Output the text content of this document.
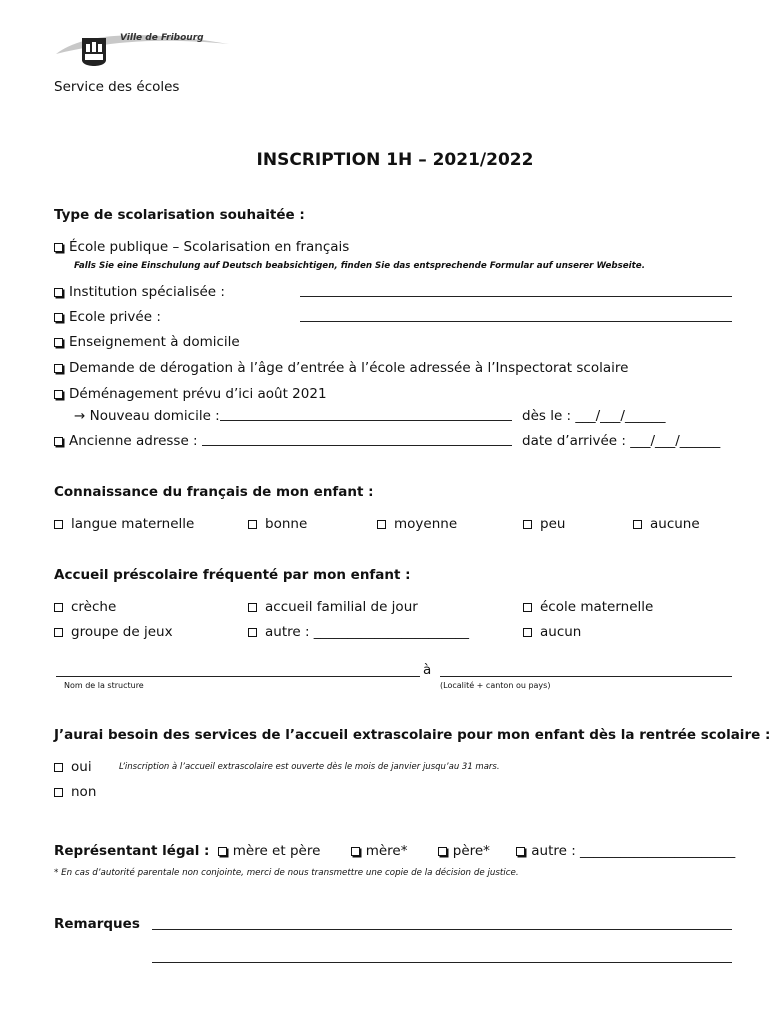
Ville de Fribourg
Service des écoles
INSCRIPTION 1H – 2021/2022
Type de scolarisation souhaitée :
École publique – Scolarisation en français
Falls Sie eine Einschulung auf Deutsch beabsichtigen, finden Sie das entsprechende Formular auf unserer Webseite.
Institution spécialisée :
Ecole privée :
Enseignement à domicile
Demande de dérogation à l’âge d’entrée à l’école adressée à l’Inspectorat scolaire
Déménagement prévu d’ici août 2021
→ Nouveau domicile :	dès le : ___/___/______
Ancienne adresse :	date d’arrivée : ___/___/______
Connaissance du français de mon enfant :
langue maternelle	bonne	moyenne	peu	aucune
Accueil préscolaire fréquenté par mon enfant :
crèche	accueil familial de jour	école maternelle
groupe de jeux	autre : _______________________	aucun
à
Nom de la structure	(Localité + canton ou pays)
J’aurai besoin des services de l’accueil extrascolaire pour mon enfant dès la rentrée scolaire :
oui	L’inscription à l’accueil extrascolaire est ouverte dès le mois de janvier jusqu’au 31 mars.
non
Représentant légal : mère et père	mère*	père*	autre : _______________________
* En cas d’autorité parentale non conjointe, merci de nous transmettre une copie de la décision de justice.
Remarques
